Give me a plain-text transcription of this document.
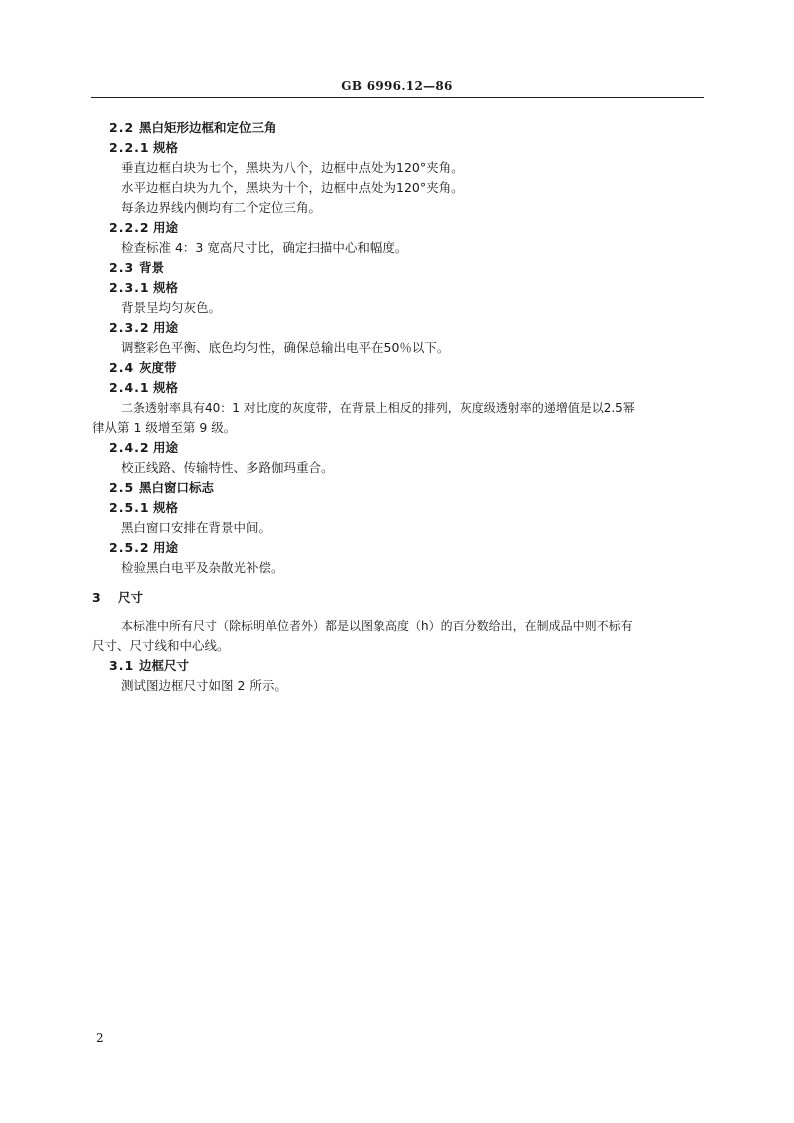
GB 6996.12—86
2.2 黑白矩形边框和定位三角
2.2.1 规格
垂直边框白块为七个，黑块为八个，边框中点处为120°夹角。
水平边框白块为九个，黑块为十个，边框中点处为120°夹角。
每条边界线内侧均有二个定位三角。
2.2.2 用途
检查标准 4：3 宽高尺寸比，确定扫描中心和幅度。
2.3 背景
2.3.1 规格
背景呈均匀灰色。
2.3.2 用途
调整彩色平衡、底色均匀性，确保总输出电平在50％以下。
2.4 灰度带
2.4.1 规格
二条透射率具有40：1 对比度的灰度带，在背景上相反的排列，灰度级透射率的递增值是以2.5幂
律从第 1 级增至第 9 级。
2.4.2 用途
校正线路、传输特性、多路伽玛重合。
2.5 黑白窗口标志
2.5.1 规格
黑白窗口安排在背景中间。
2.5.2 用途
检验黑白电平及杂散光补偿。
3 尺寸
本标准中所有尺寸（除标明单位者外）都是以图象高度（h）的百分数给出，在制成品中则不标有
尺寸、尺寸线和中心线。
3.1 边框尺寸
测试图边框尺寸如图 2 所示。
2
